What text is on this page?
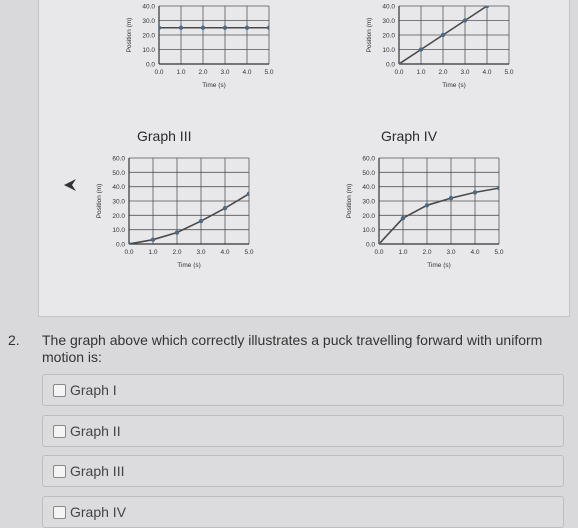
0.0
10.0
20.0
30.0
40.0
0.0 1.0 2.0 3.0 4.0 5.0
Time (s)
Position (m)
0.0
10.0
20.0
30.0
40.0
0.0 1.0 2.0 3.0 4.0 5.0
Time (s)
Position (m)
Graph III	Graph IV
0.0
10.0
20.0
30.0
40.0
50.0
60.0
0.0 1.0 2.0 3.0 4.0 5.0
Time (s)
Position (m)
0.0
10.0
20.0
30.0
40.0
50.0
60.0
0.0 1.0 2.0 3.0 4.0 5.0
Time (s)
Position (m)
2. The graph above which correctly illustrates a puck travelling forward with uniform motion is:
Graph I
Graph II
Graph III
Graph IV
